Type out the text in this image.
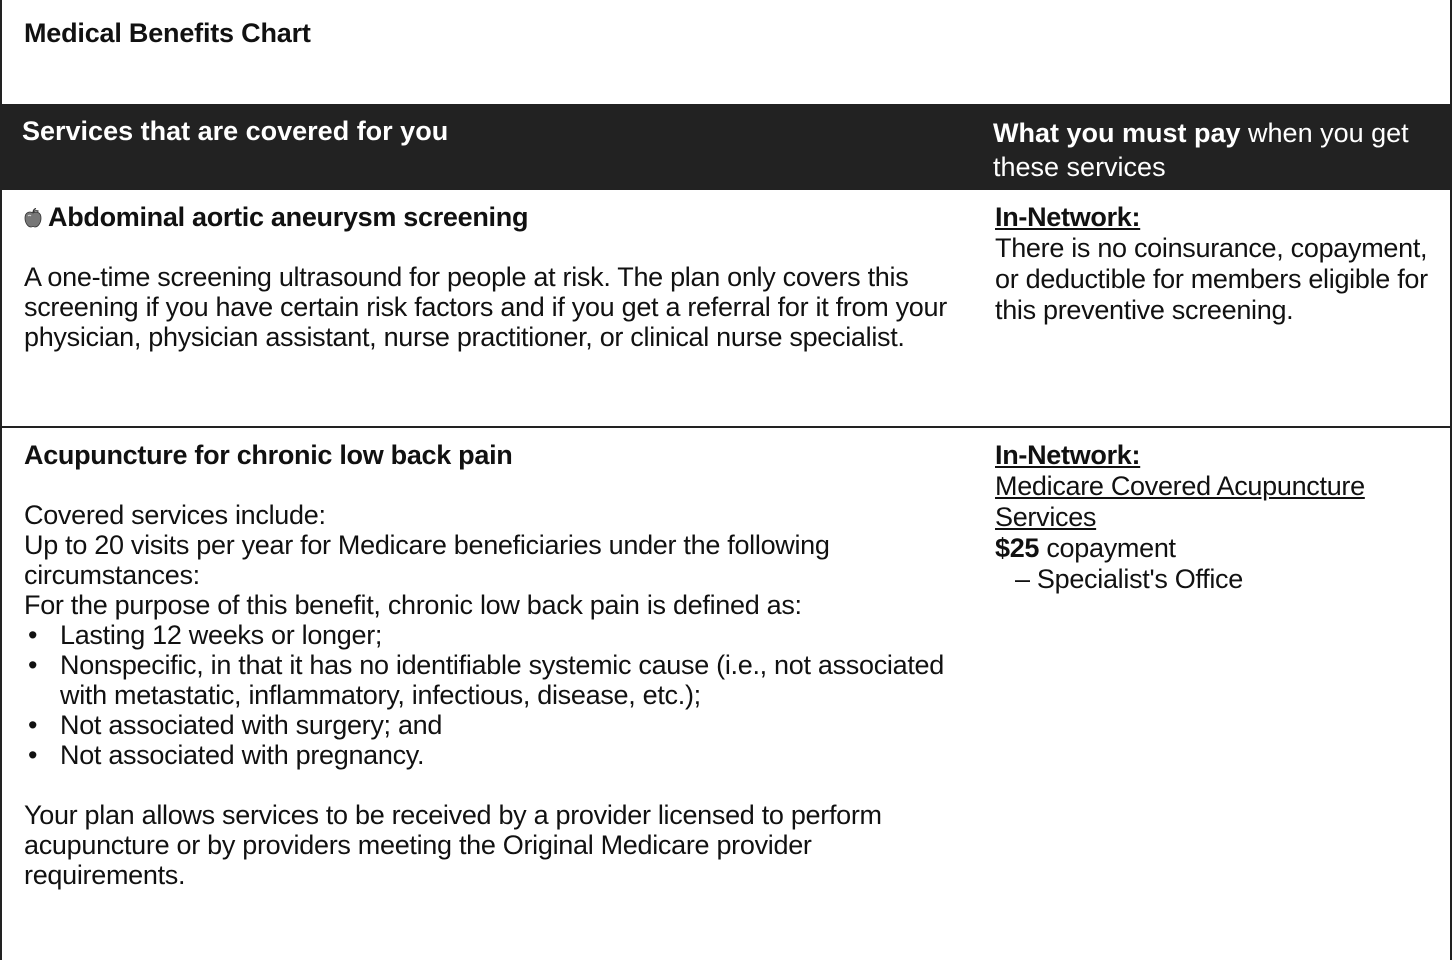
Medical Benefits Chart
Services that are covered for you	What you must pay when you get these services
Abdominal aortic aneurysm screening
A one-time screening ultrasound for people at risk. The plan only covers this screening if you have certain risk factors and if you get a referral for it from your physician, physician assistant, nurse practitioner, or clinical nurse specialist.
In-Network:
There is no coinsurance, copayment, or deductible for members eligible for this preventive screening.
Acupuncture for chronic low back pain
Covered services include:
Up to 20 visits per year for Medicare beneficiaries under the following circumstances:
For the purpose of this benefit, chronic low back pain is defined as:
• Lasting 12 weeks or longer;
• Nonspecific, in that it has no identifiable systemic cause (i.e., not associated with metastatic, inflammatory, infectious, disease, etc.);
• Not associated with surgery; and
• Not associated with pregnancy.
Your plan allows services to be received by a provider licensed to perform acupuncture or by providers meeting the Original Medicare provider requirements.
In-Network:
Medicare Covered Acupuncture Services
$25 copayment
– Specialist's Office
